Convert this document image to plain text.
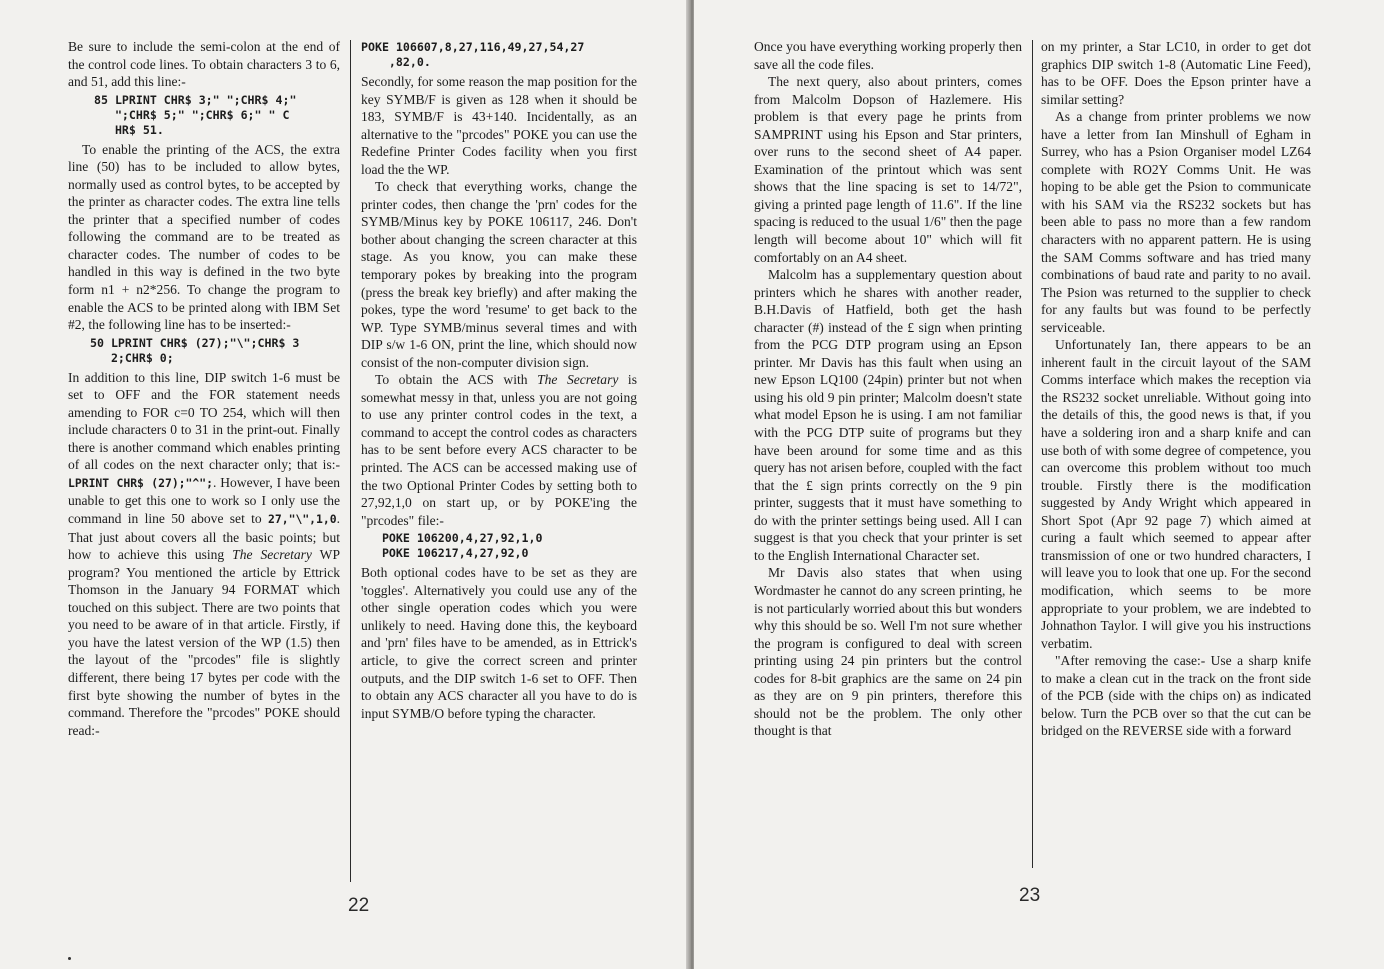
Be sure to include the semi-colon at the end of the control code lines. To obtain characters 3 to 6, and 51, add this line:-

85 LPRINT CHR$ 3;" ";CHR$ 4;"
";CHR$ 5;" ";CHR$ 6;" " C
HR$ 51.

To enable the printing of the ACS, the extra line (50) has to be included to allow bytes, normally used as control bytes, to be accepted by the printer as character codes. The extra line tells the printer that a specified number of codes following the command are to be treated as character codes. The number of codes to be handled in this way is defined in the two byte form n1 + n2*256. To change the program to enable the ACS to be printed along with IBM Set #2, the following line has to be inserted:-

50 LPRINT CHR$ (27);"\";CHR$ 3
2;CHR$ 0;

In addition to this line, DIP switch 1-6 must be set to OFF and the FOR statement needs amending to FOR c=0 TO 254, which will then include characters 0 to 31 in the print-out. Finally there is another command which enables printing of all codes on the next character only; that is:- LPRINT CHR$ (27);"^";. However, I have been unable to get this one to work so I only use the command in line 50 above set to 27,"\",1,0. That just about covers all the basic points; but how to achieve this using The Secretary WP program? You mentioned the article by Ettrick Thomson in the January 94 FORMAT which touched on this subject. There are two points that you need to be aware of in that article. Firstly, if you have the latest version of the WP (1.5) then the layout of the "prcodes" file is slightly different, there being 17 bytes per code with the first byte showing the number of bytes in the command. Therefore the "prcodes" POKE should read:-

POKE 106607,8,27,116,49,27,54,27
,82,0.

Secondly, for some reason the map position for the key SYMB/F is given as 128 when it should be 183, SYMB/F is 43+140. Incidentally, as an alternative to the "prcodes" POKE you can use the Redefine Printer Codes facility when you first load the the WP.

To check that everything works, change the printer codes, then change the 'prn' codes for the SYMB/Minus key by POKE 106117, 246. Don't bother about changing the screen character at this stage. As you know, you can make these temporary pokes by breaking into the program (press the break key briefly) and after making the pokes, type the word 'resume' to get back to the WP. Type SYMB/minus several times and with DIP s/w 1-6 ON, print the line, which should now consist of the non-computer division sign.

To obtain the ACS with The Secretary is somewhat messy in that, unless you are not going to use any printer control codes in the text, a command to accept the control codes as characters has to be sent before every ACS character to be printed. The ACS can be accessed making use of the two Optional Printer Codes by setting both to 27,92,1,0 on start up, or by POKE'ing the "prcodes" file:-

POKE 106200,4,27,92,1,0
POKE 106217,4,27,92,0

Both optional codes have to be set as they are 'toggles'. Alternatively you could use any of the other single operation codes which you were unlikely to need. Having done this, the keyboard and 'prn' files have to be amended, as in Ettrick's article, to give the correct screen and printer outputs, and the DIP switch 1-6 set to OFF. Then to obtain any ACS character all you have to do is input SYMB/O before typing the character.

22

Once you have everything working properly then save all the code files.

The next query, also about printers, comes from Malcolm Dopson of Hazlemere. His problem is that every page he prints from SAMPRINT using his Epson and Star printers, over runs to the second sheet of A4 paper. Examination of the printout which was sent shows that the line spacing is set to 14/72", giving a printed page length of 11.6". If the line spacing is reduced to the usual 1/6" then the page length will become about 10" which will fit comfortably on an A4 sheet.

Malcolm has a supplementary question about printers which he shares with another reader, B.H.Davis of Hatfield, both get the hash character (#) instead of the £ sign when printing from the PCG DTP program using an Epson printer. Mr Davis has this fault when using an new Epson LQ100 (24pin) printer but not when using his old 9 pin printer; Malcolm doesn't state what model Epson he is using. I am not familiar with the PCG DTP suite of programs but they have been around for some time and as this query has not arisen before, coupled with the fact that the £ sign prints correctly on the 9 pin printer, suggests that it must have something to do with the printer settings being used. All I can suggest is that you check that your printer is set to the English International Character set.

Mr Davis also states that when using Wordmaster he cannot do any screen printing, he is not particularly worried about this but wonders why this should be so. Well I'm not sure whether the program is configured to deal with screen printing using 24 pin printers but the control codes for 8-bit graphics are the same on 24 pin as they are on 9 pin printers, therefore this should not be the problem. The only other thought is that

on my printer, a Star LC10, in order to get dot graphics DIP switch 1-8 (Automatic Line Feed), has to be OFF. Does the Epson printer have a similar setting?

As a change from printer problems we now have a letter from Ian Minshull of Egham in Surrey, who has a Psion Organiser model LZ64 complete with RO2Y Comms Unit. He was hoping to be able get the Psion to communicate with his SAM via the RS232 sockets but has been able to pass no more than a few random characters with no apparent pattern. He is using the SAM Comms software and has tried many combinations of baud rate and parity to no avail. The Psion was returned to the supplier to check for any faults but was found to be perfectly serviceable.

Unfortunately Ian, there appears to be an inherent fault in the circuit layout of the SAM Comms interface which makes the reception via the RS232 socket unreliable. Without going into the details of this, the good news is that, if you have a soldering iron and a sharp knife and can use both of with some degree of competence, you can overcome this problem without too much trouble. Firstly there is the modification suggested by Andy Wright which appeared in Short Spot (Apr 92 page 7) which aimed at curing a fault which seemed to appear after transmission of one or two hundred characters, I will leave you to look that one up. For the second modification, which seems to be more appropriate to your problem, we are indebted to Johnathon Taylor. I will give you his instructions verbatim.

"After removing the case:- Use a sharp knife to make a clean cut in the track on the front side of the PCB (side with the chips on) as indicated below. Turn the PCB over so that the cut can be bridged on the REVERSE side with a forward

23
